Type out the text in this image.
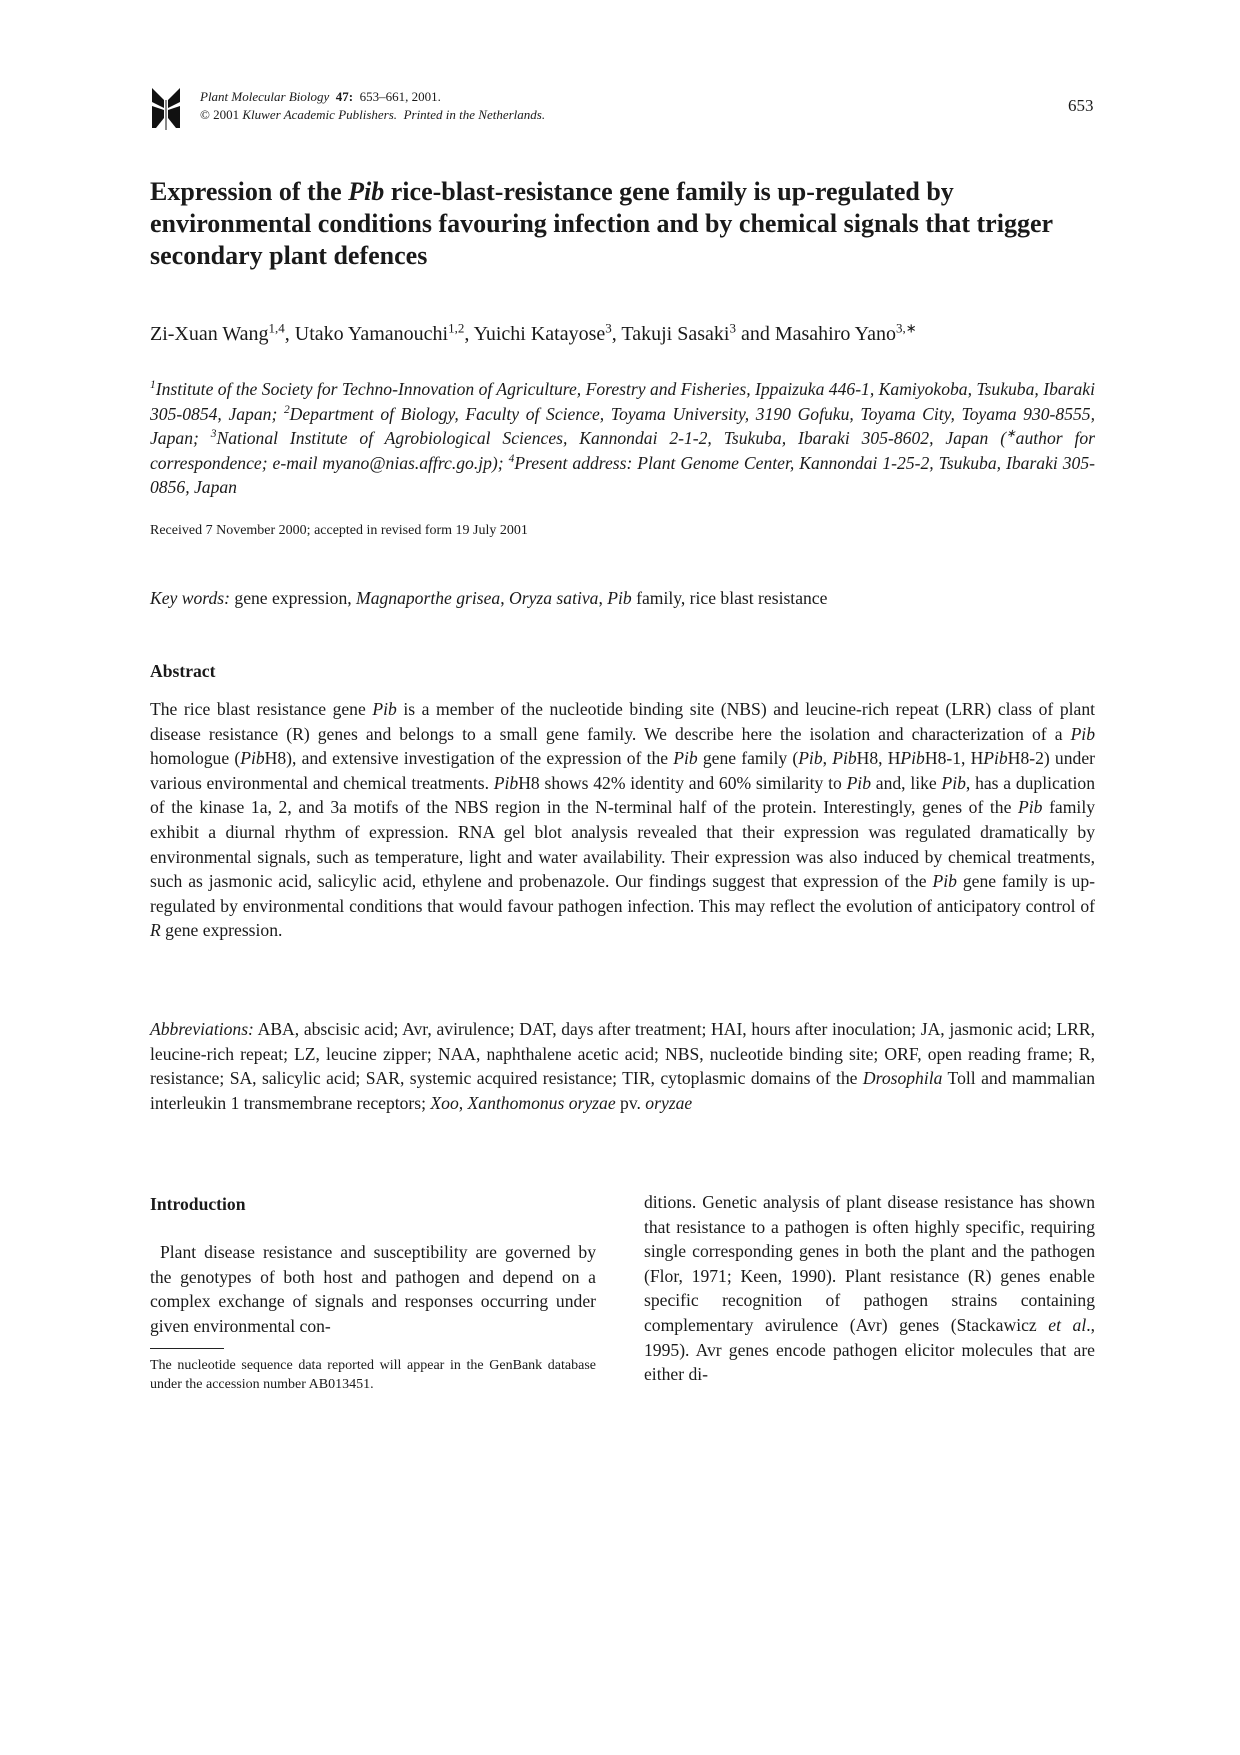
Plant Molecular Biology 47: 653–661, 2001.
© 2001 Kluwer Academic Publishers. Printed in the Netherlands.	653
Expression of the Pib rice-blast-resistance gene family is up-regulated by environmental conditions favouring infection and by chemical signals that trigger secondary plant defences
Zi-Xuan Wang$^{1,4}$, Utako Yamanouchi$^{1,2}$, Yuichi Katayose$^3$, Takuji Sasaki$^3$ and Masahiro Yano$^{3,∗}$
$^1$Institute of the Society for Techno-Innovation of Agriculture, Forestry and Fisheries, Ippaizuka 446-1, Kamiyokoba, Tsukuba, Ibaraki 305-0854, Japan; $^2$Department of Biology, Faculty of Science, Toyama University, 3190 Gofuku, Toyama City, Toyama 930-8555, Japan; $^3$National Institute of Agrobiological Sciences, Kannondai 2-1-2, Tsukuba, Ibaraki 305-8602, Japan (∗author for correspondence; e-mail myano@nias.affrc.go.jp); $^4$Present address: Plant Genome Center, Kannondai 1-25-2, Tsukuba, Ibaraki 305-0856, Japan
Received 7 November 2000; accepted in revised form 19 July 2001
Key words: gene expression, Magnaporthe grisea, Oryza sativa, Pib family, rice blast resistance
Abstract
The rice blast resistance gene Pib is a member of the nucleotide binding site (NBS) and leucine-rich repeat (LRR) class of plant disease resistance (R) genes and belongs to a small gene family. We describe here the isolation and characterization of a Pib homologue (PibH8), and extensive investigation of the expression of the Pib gene family (Pib, PibH8, HPibH8-1, HPibH8-2) under various environmental and chemical treatments. PibH8 shows 42% identity and 60% similarity to Pib and, like Pib, has a duplication of the kinase 1a, 2, and 3a motifs of the NBS region in the N-terminal half of the protein. Interestingly, genes of the Pib family exhibit a diurnal rhythm of expression. RNA gel blot analysis revealed that their expression was regulated dramatically by environmental signals, such as temperature, light and water availability. Their expression was also induced by chemical treatments, such as jasmonic acid, salicylic acid, ethylene and probenazole. Our findings suggest that expression of the Pib gene family is up-regulated by environmental conditions that would favour pathogen infection. This may reflect the evolution of anticipatory control of R gene expression.
Abbreviations: ABA, abscisic acid; Avr, avirulence; DAT, days after treatment; HAI, hours after inoculation; JA, jasmonic acid; LRR, leucine-rich repeat; LZ, leucine zipper; NAA, naphthalene acetic acid; NBS, nucleotide binding site; ORF, open reading frame; R, resistance; SA, salicylic acid; SAR, systemic acquired resistance; TIR, cytoplasmic domains of the Drosophila Toll and mammalian interleukin 1 transmembrane receptors; Xoo, Xanthomonus oryzae pv. oryzae
Introduction
Plant disease resistance and susceptibility are governed by the genotypes of both host and pathogen and depend on a complex exchange of signals and responses occurring under given environmental con-
The nucleotide sequence data reported will appear in the GenBank database under the accession number AB013451.
ditions. Genetic analysis of plant disease resistance has shown that resistance to a pathogen is often highly specific, requiring single corresponding genes in both the plant and the pathogen (Flor, 1971; Keen, 1990). Plant resistance (R) genes enable specific recognition of pathogen strains containing complementary avirulence (Avr) genes (Stackawicz et al., 1995). Avr genes encode pathogen elicitor molecules that are either di-
